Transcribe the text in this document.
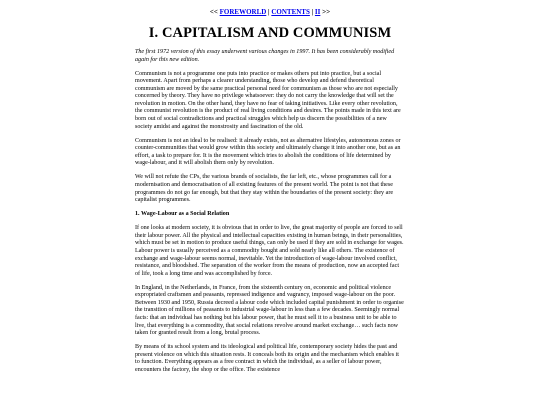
<< FOREWORLD | CONTENTS | II >>
I. CAPITALISM AND COMMUNISM

The first 1972 version of this essay underwent various changes in 1997. It has been considerably modified again for this new edition.

Communism is not a programme one puts into practice or makes others put into practice, but a social movement. Apart from perhaps a clearer understanding, those who develop and defend theoretical communism are moved by the same practical personal need for communism as those who are not especially concerned by theory. They have no privilege whatsoever: they do not carry the knowledge that will set the revolution in motion. On the other hand, they have no fear of taking initiatives. Like every other revolution, the communist revolution is the product of real living conditions and desires. The points made in this text are born out of social contradictions and practical struggles which help us discern the possibilities of a new society amidst and against the monstrosity and fascination of the old.

Communism is not an ideal to be realised: it already exists, not as alternative lifestyles, autonomous zones or counter-communities that would grow within this society and ultimately change it into another one, but as an effort, a task to prepare for. It is the movement which tries to abolish the conditions of life determined by wage-labour, and it will abolish them only by revolution.

We will not refute the CPs, the various brands of socialists, the far left, etc., whose programmes call for a modernisation and democratisation of all existing features of the present world. The point is not that these programmes do not go far enough, but that they stay within the boundaries of the present society: they are capitalist programmes.

1. Wage-Labour as a Social Relation

If one looks at modern society, it is obvious that in order to live, the great majority of people are forced to sell their labour power. All the physical and intellectual capacities existing in human beings, in their personalities, which must be set in motion to produce useful things, can only be used if they are sold in exchange for wages. Labour power is usually perceived as a commodity bought and sold nearly like all others. The existence of exchange and wage-labour seems normal, inevitable. Yet the introduction of wage-labour involved conflict, resistance, and bloodshed. The separation of the worker from the means of production, now an accepted fact of life, took a long time and was accomplished by force.

In England, in the Netherlands, in France, from the sixteenth century on, economic and political violence expropriated craftsmen and peasants, repressed indigence and vagrancy, imposed wage-labour on the poor. Between 1930 and 1950, Russia decreed a labour code which included capital punishment in order to organise the transition of millions of peasants to industrial wage-labour in less than a few decades. Seemingly normal facts: that an individual has nothing but his labour power, that he must sell it to a business unit to be able to live, that everything is a commodity, that social relations revolve around market exchange… such facts now taken for granted result from a long, brutal process.

By means of its school system and its ideological and political life, contemporary society hides the past and present violence on which this situation rests. It conceals both its origin and the mechanism which enables it to function. Everything appears as a free contract in which the individual, as a seller of labour power, encounters the factory, the shop or the office. The existence
